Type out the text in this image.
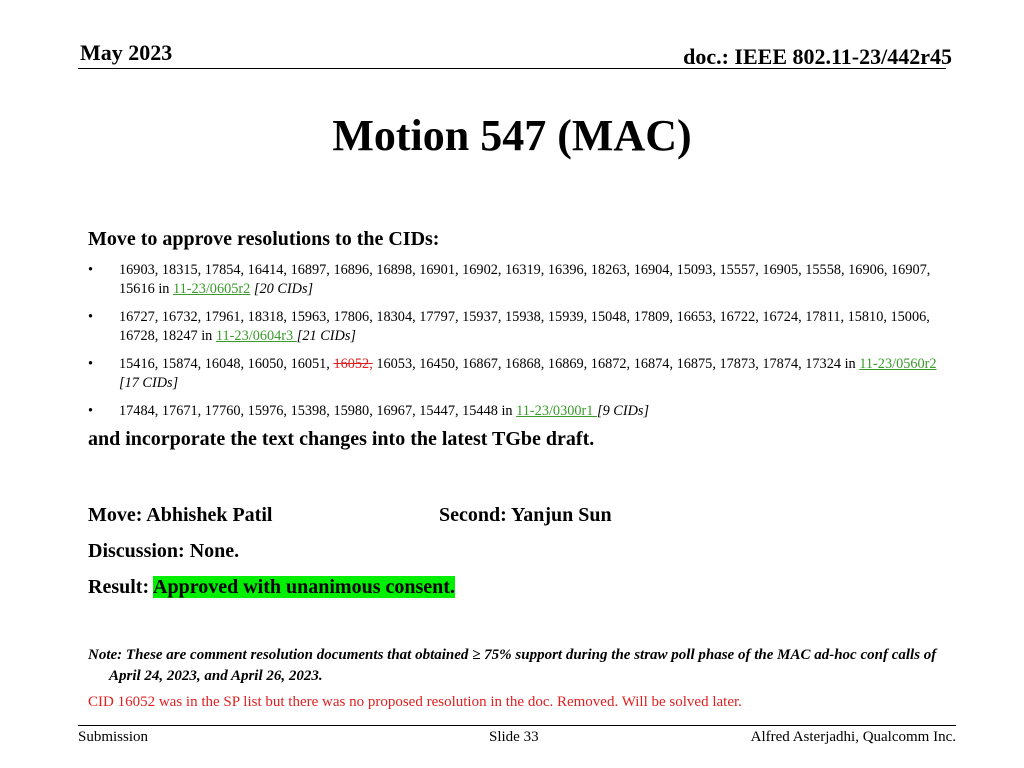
May 2023	doc.: IEEE 802.11-23/442r45
Motion 547 (MAC)
Move to approve resolutions to the CIDs:
• 16903, 18315, 17854, 16414, 16897, 16896, 16898, 16901, 16902, 16319, 16396, 18263, 16904, 15093, 15557, 16905, 15558, 16906, 16907, 15616 in 11-23/0605r2 [20 CIDs]
• 16727, 16732, 17961, 18318, 15963, 17806, 18304, 17797, 15937, 15938, 15939, 15048, 17809, 16653, 16722, 16724, 17811, 15810, 15006, 16728, 18247 in 11-23/0604r3 [21 CIDs]
• 15416, 15874, 16048, 16050, 16051, 16052, 16053, 16450, 16867, 16868, 16869, 16872, 16874, 16875, 17873, 17874, 17324 in 11-23/0560r2 [17 CIDs]
• 17484, 17671, 17760, 15976, 15398, 15980, 16967, 15447, 15448 in 11-23/0300r1 [9 CIDs]
and incorporate the text changes into the latest TGbe draft.
Move: Abhishek Patil	Second: Yanjun Sun
Discussion: None.
Result: Approved with unanimous consent.
Note: These are comment resolution documents that obtained ≥ 75% support during the straw poll phase of the MAC ad-hoc conf calls of April 24, 2023, and April 26, 2023.
CID 16052 was in the SP list but there was no proposed resolution in the doc. Removed. Will be solved later.
Submission	Slide 33	Alfred Asterjadhi, Qualcomm Inc.
